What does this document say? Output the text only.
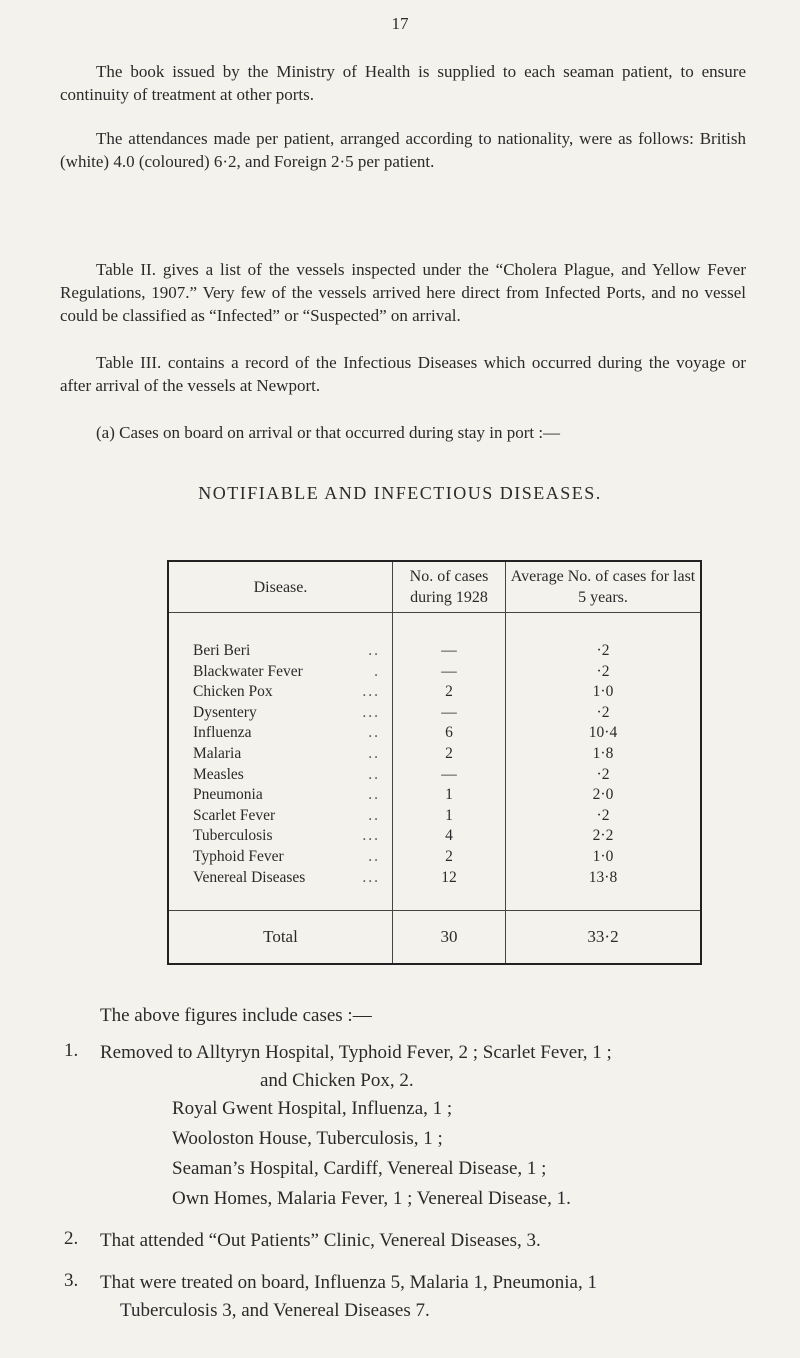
17
The book issued by the Ministry of Health is supplied to each seaman patient, to ensure continuity of treatment at other ports.
The attendances made per patient, arranged according to nationality, were as follows: British (white) 4.0 (coloured) 6·2, and Foreign 2·5 per patient.
NOTIFIABLE AND INFECTIOUS DISEASES.
Table II. gives a list of the vessels inspected under the “Cholera Plague, and Yellow Fever Regulations, 1907.” Very few of the vessels arrived here direct from Infected Ports, and no vessel could be classified as “Infected” or “Suspected” on arrival.
Table III. contains a record of the Infectious Diseases which occurred during the voyage or after arrival of the vessels at Newport.
(a) Cases on board on arrival or that occurred during stay in port :—
Disease.	No. of cases during 1928	Average No. of cases for last 5 years.
Beri Beri ..	—	·2
Blackwater Fever .	—	·2
Chicken Pox ...	2	1·0
Dysentery ...	—	·2
Influenza ..	6	10·4
Malaria ..	2	1·8
Measles ..	—	·2
Pneumonia ..	1	2·0
Scarlet Fever ..	1	·2
Tuberculosis ...	4	2·2
Typhoid Fever ..	2	1·0
Venereal Diseases ...	12	13·8
Total	30	33·2
The above figures include cases :—
1. Removed to Alltyryn Hospital, Typhoid Fever, 2 ; Scarlet Fever, 1 ;
and Chicken Pox, 2.
Royal Gwent Hospital, Influenza, 1 ;
Wooloston House, Tuberculosis, 1 ;
Seaman’s Hospital, Cardiff, Venereal Disease, 1 ;
Own Homes, Malaria Fever, 1 ; Venereal Disease, 1.
2. That attended “Out Patients” Clinic, Venereal Diseases, 3.
3. That were treated on board, Influenza 5, Malaria 1, Pneumonia, 1
Tuberculosis 3, and Venereal Diseases 7.
